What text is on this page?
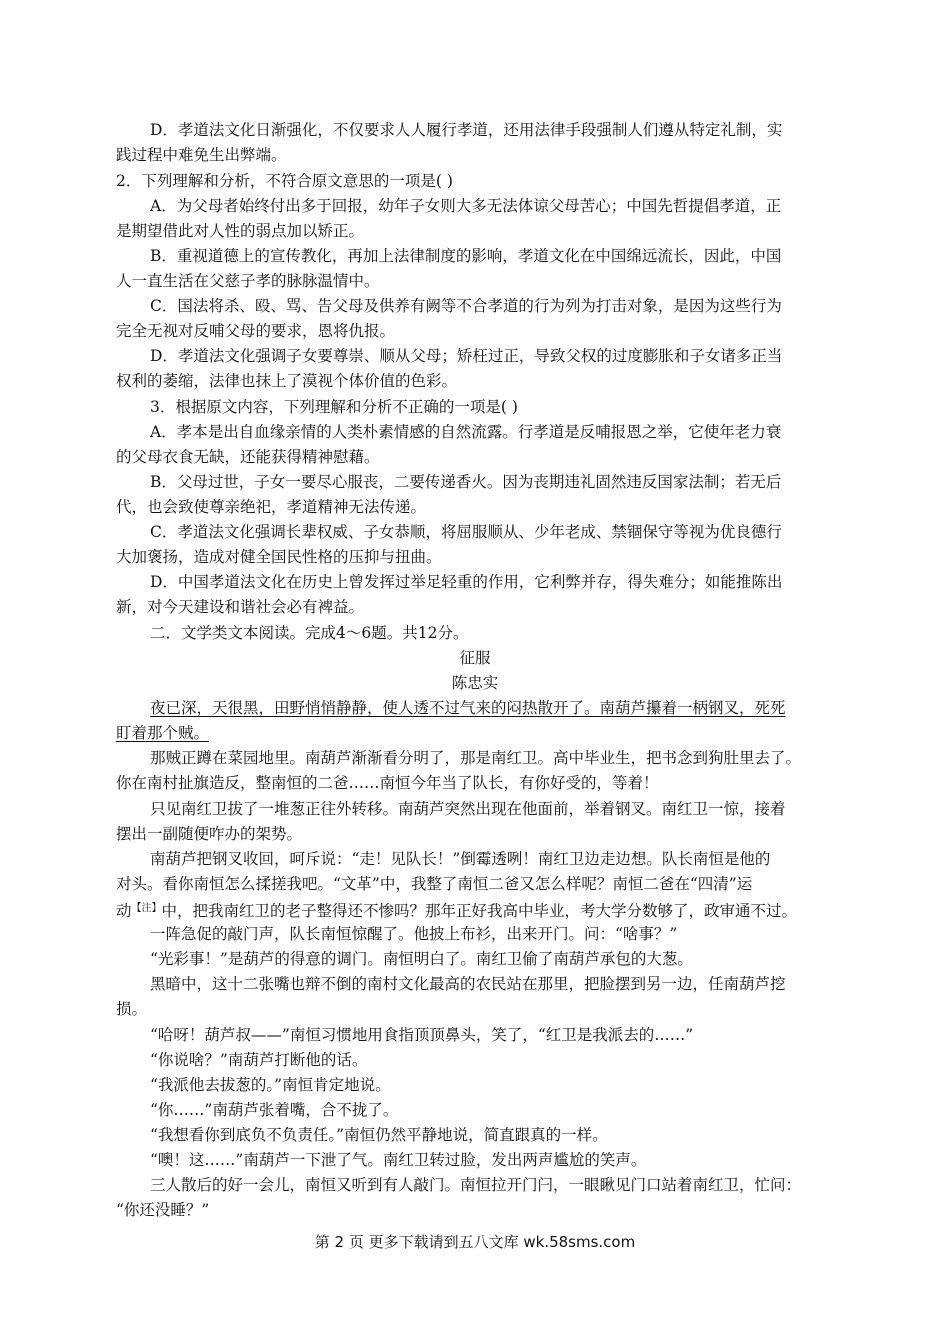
D．孝道法文化日渐强化，不仅要求人人履行孝道，还用法律手段强制人们遵从特定礼制，实
践过程中难免生出弊端。
2．下列理解和分析，不符合原文意思的一项是( )
A．为父母者始终付出多于回报，幼年子女则大多无法体谅父母苦心；中国先哲提倡孝道，正
是期望借此对人性的弱点加以矫正。
B．重视道德上的宣传教化，再加上法律制度的影响，孝道文化在中国绵远流长，因此，中国
人一直生活在父慈子孝的脉脉温情中。
C．国法将杀、殴、骂、告父母及供养有阙等不合孝道的行为列为打击对象，是因为这些行为
完全无视对反哺父母的要求，恩将仇报。
D．孝道法文化强调子女要尊崇、顺从父母；矫枉过正，导致父权的过度膨胀和子女诸多正当
权利的萎缩，法律也抹上了漠视个体价值的色彩。
3．根据原文内容，下列理解和分析不正确的一项是( )
A．孝本是出自血缘亲情的人类朴素情感的自然流露。行孝道是反哺报恩之举，它使年老力衰
的父母衣食无缺，还能获得精神慰藉。
B．父母过世，子女一要尽心服丧，二要传递香火。因为丧期违礼固然违反国家法制；若无后
代，也会致使尊亲绝祀，孝道精神无法传递。
C．孝道法文化强调长辈权威、子女恭顺，将屈服顺从、少年老成、禁锢保守等视为优良德行
大加褒扬，造成对健全国民性格的压抑与扭曲。
D．中国孝道法文化在历史上曾发挥过举足轻重的作用，它利弊并存，得失难分；如能推陈出
新，对今天建设和谐社会必有裨益。
二．文学类文本阅读。完成4～6题。共12分。
征服
陈忠实
夜已深，天很黑，田野悄悄静静，使人透不过气来的闷热散开了。南葫芦攥着一柄钢叉，死死
盯着那个贼。
那贼正蹲在菜园地里。南葫芦渐渐看分明了，那是南红卫。高中毕业生，把书念到狗肚里去了。
你在南村扯旗造反，整南恒的二爸……南恒今年当了队长，有你好受的，等着！
只见南红卫拔了一堆葱正往外转移。南葫芦突然出现在他面前，举着钢叉。南红卫一惊，接着
摆出一副随便咋办的架势。
南葫芦把钢叉收回，呵斥说：“走！见队长！”倒霉透咧！南红卫边走边想。队长南恒是他的
对头。看你南恒怎么揉搓我吧。“文革”中，我整了南恒二爸又怎么样呢？南恒二爸在“四清”运
动$^{【注】}$中，把我南红卫的老子整得还不惨吗？那年正好我高中毕业，考大学分数够了，政审通不过。
一阵急促的敲门声，队长南恒惊醒了。他披上布衫，出来开门。问：“啥事？”
“光彩事！”是葫芦的得意的调门。南恒明白了。南红卫偷了南葫芦承包的大葱。
黑暗中，这十二张嘴也辩不倒的南村文化最高的农民站在那里，把脸摆到另一边，任南葫芦挖
损。
“哈呀！葫芦叔——”南恒习惯地用食指顶顶鼻头，笑了，“红卫是我派去的……”
“你说啥？”南葫芦打断他的话。
“我派他去拔葱的。”南恒肯定地说。
“你……”南葫芦张着嘴，合不拢了。
“我想看你到底负不负责任。”南恒仍然平静地说，简直跟真的一样。
“噢！这……”南葫芦一下泄了气。南红卫转过脸，发出两声尴尬的笑声。
三人散后的好一会儿，南恒又听到有人敲门。南恒拉开门闩，一眼瞅见门口站着南红卫，忙问：
“你还没睡？”
第 2 页 更多下载请到五八文库 wk.58sms.com
